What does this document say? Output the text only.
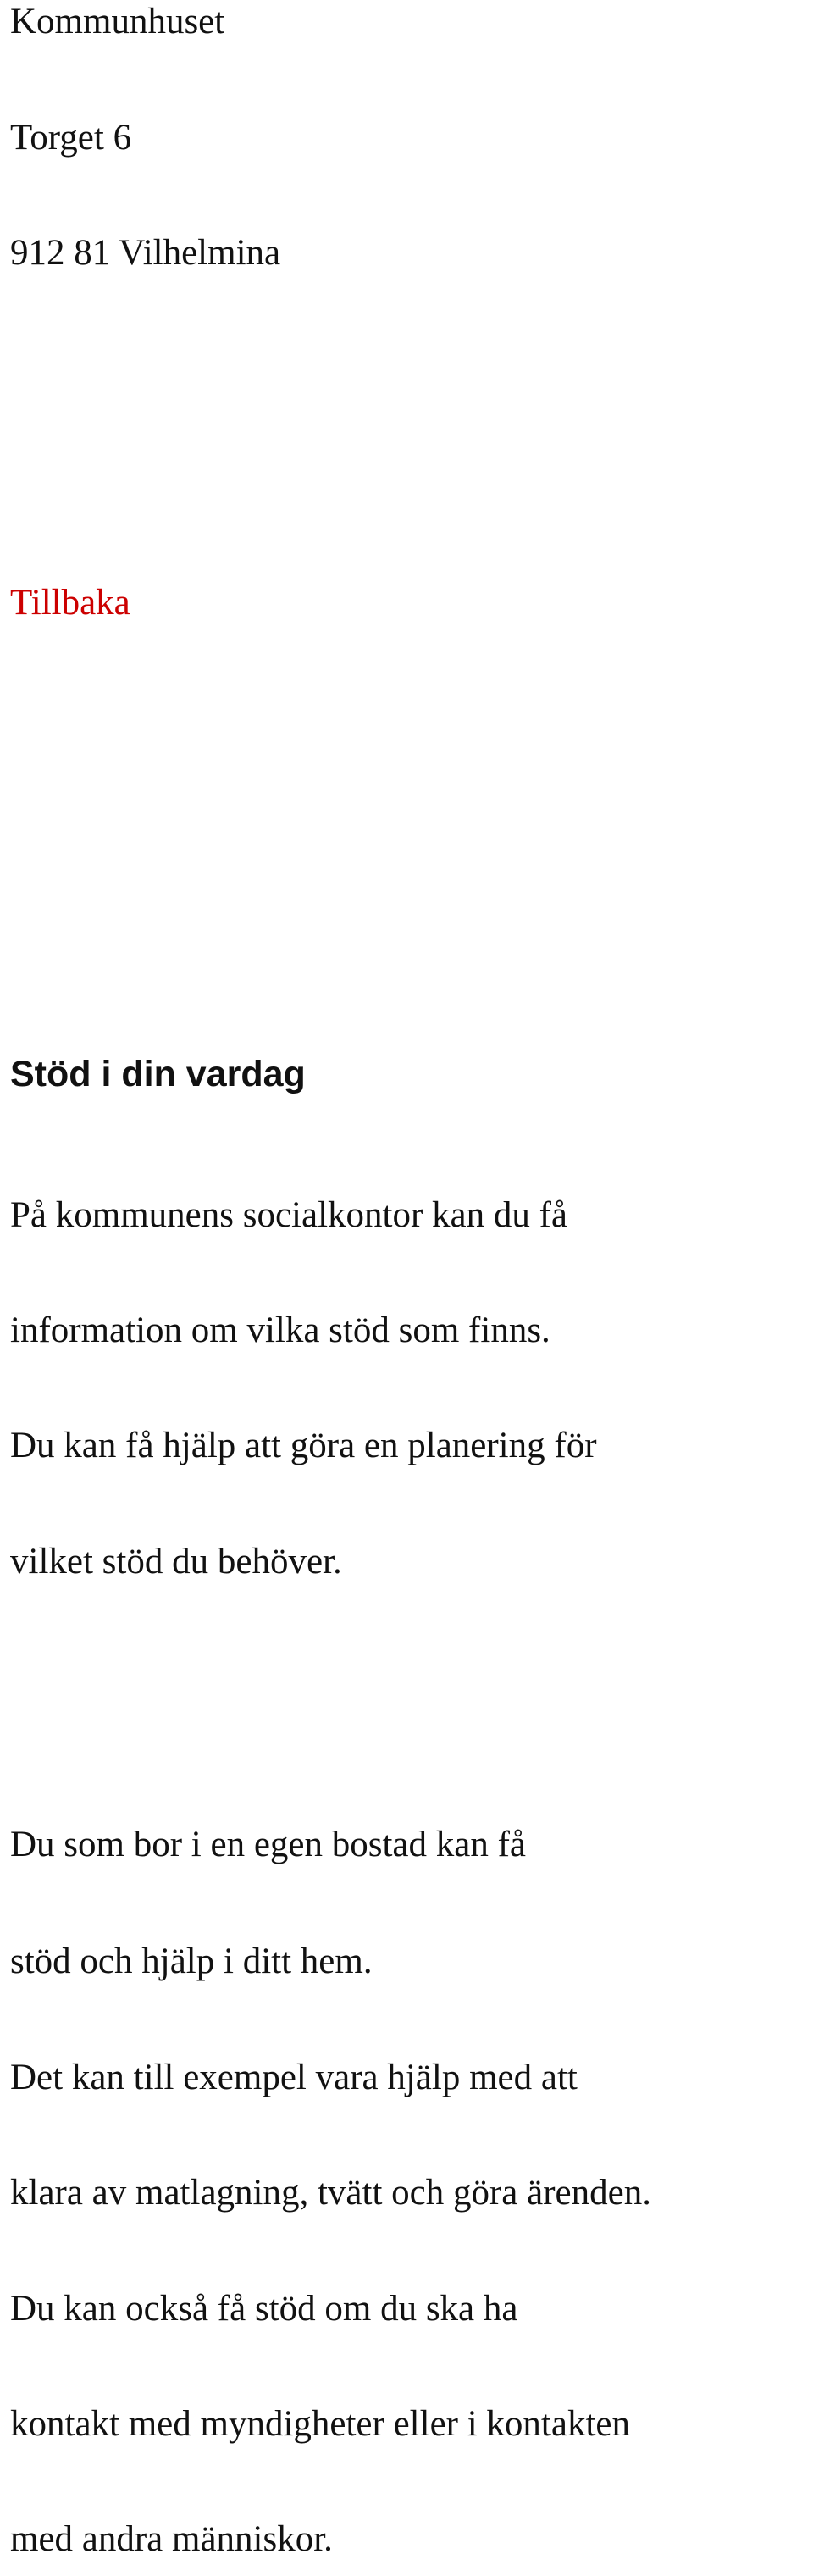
Kommunhuset

Torget 6

912 81 Vilhelmina

Tillbaka
Stöd i din vardag

På kommunens socialkontor kan du få

information om vilka stöd som finns.

Du kan få hjälp att göra en planering för

vilket stöd du behöver.

Du som bor i en egen bostad kan få

stöd och hjälp i ditt hem.

Det kan till exempel vara hjälp med att

klara av matlagning, tvätt och göra ärenden.

Du kan också få stöd om du ska ha

kontakt med myndigheter eller i kontakten

med andra människor.
